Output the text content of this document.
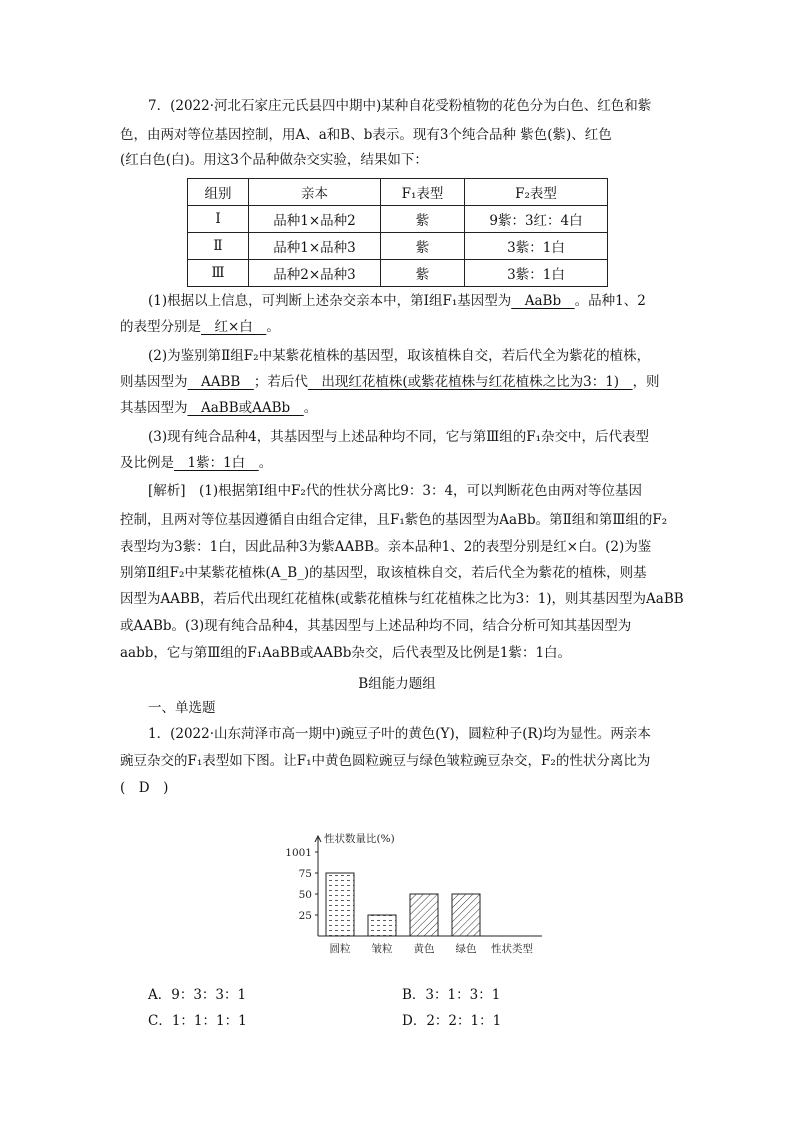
7．(2022·河北石家庄元氏县四中期中)某种自花受粉植物的花色分为白色、红色和紫
色，由两对等位基因控制，用A、a和B、b表示。现有3个纯合品种 紫色(紫)、红色
(红白色(白)。用这3个品种做杂交实验，结果如下：
组别	亲本	F₁表型	F₂表型
Ⅰ	品种1×品种2	紫	9紫：3红：4白
Ⅱ	品种1×品种3	紫	3紫：1白
Ⅲ	品种2×品种3	紫	3紫：1白
(1)根据以上信息，可判断上述杂交亲本中，第Ⅰ组F₁基因型为　AaBb　。品种1、2
的表型分别是　红×白　。
(2)为鉴别第Ⅱ组F₂中某紫花植株的基因型，取该植株自交，若后代全为紫花的植株，
则基因型为　AABB　；若后代　出现红花植株(或紫花植株与红花植株之比为3：1)　，则
其基因型为　AaBB或AABb　。
(3)现有纯合品种4，其基因型与上述品种均不同，它与第Ⅲ组的F₁杂交中，后代表型
及比例是　1紫：1白　。
[解析]　(1)根据第Ⅰ组中F₂代的性状分离比9：3：4，可以判断花色由两对等位基因
控制，且两对等位基因遵循自由组合定律，且F₁紫色的基因型为AaBb。第Ⅱ组和第Ⅲ组的F₂
表型均为3紫：1白，因此品种3为紫AABB。亲本品种1、2的表型分别是红×白。(2)为鉴
别第Ⅱ组F₂中某紫花植株(A_B_)的基因型，取该植株自交，若后代全为紫花的植株，则基
因型为AABB，若后代出现红花植株(或紫花植株与红花植株之比为3：1)，则其基因型为AaBB
或AABb。(3)现有纯合品种4，其基因型与上述品种均不同，结合分析可知其基因型为
aabb，它与第Ⅲ组的F₁AaBB或AABb杂交，后代表型及比例是1紫：1白。
B组能力题组
一、单选题
1．(2022·山东菏泽市高一期中)豌豆子叶的黄色(Y)，圆粒种子(R)均为显性。两亲本
豌豆杂交的F₁表型如下图。让F₁中黄色圆粒豌豆与绿色皱粒豌豆杂交，F₂的性状分离比为
(　D　)
性状数量比(%)
1001
75
50
25
圆粒 皱粒 黄色 绿色 性状类型
A．9：3：3：1	B．3：1：3：1
C．1：1：1：1	D．2：2：1：1
